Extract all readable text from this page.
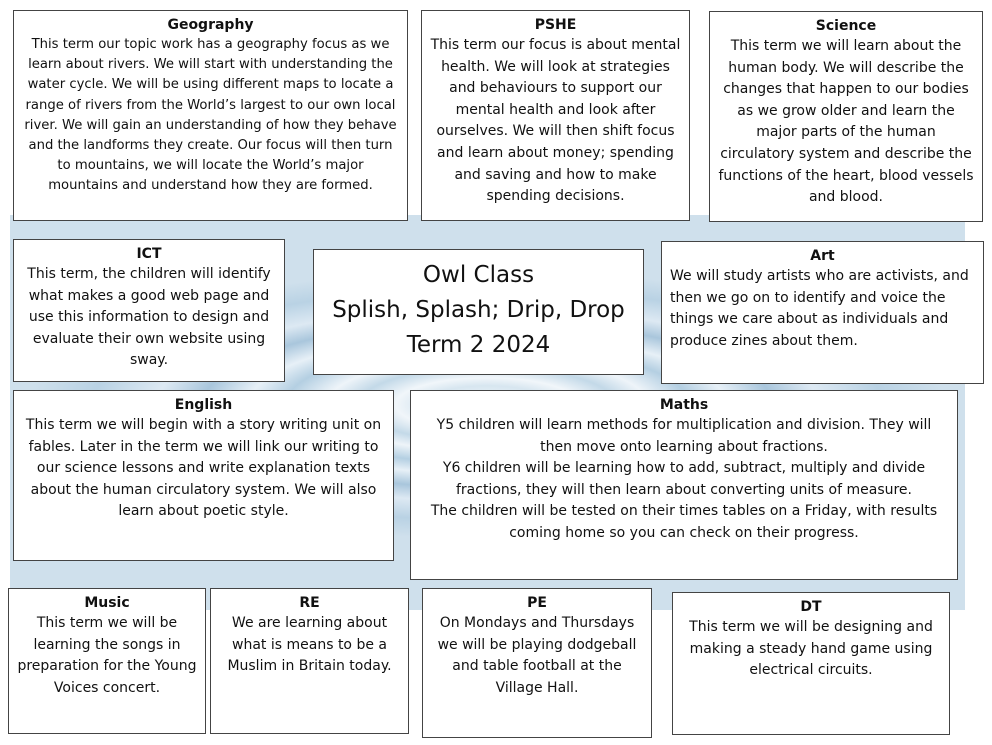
Geography

This term our topic work has a geography focus as we learn about rivers. We will start with understanding the water cycle. We will be using different maps to locate a range of rivers from the World’s largest to our own local river. We will gain an understanding of how they behave and the landforms they create. Our focus will then turn to mountains, we will locate the World’s major mountains and understand how they are formed.

PSHE

This term our focus is about mental health. We will look at strategies and behaviours to support our mental health and look after ourselves. We will then shift focus and learn about money; spending and saving and how to make spending decisions.

Science

This term we will learn about the human body. We will describe the changes that happen to our bodies as we grow older and learn the major parts of the human circulatory system and describe the functions of the heart, blood vessels and blood.

ICT

This term, the children will identify what makes a good web page and use this information to design and evaluate their own website using sway.

Owl Class
Splish, Splash; Drip, Drop
Term 2 2024
Art

We will study artists who are activists, and then we go on to identify and voice the things we care about as individuals and produce zines about them.

English

This term we will begin with a story writing unit on fables. Later in the term we will link our writing to our science lessons and write explanation texts about the human circulatory system. We will also learn about poetic style.

Maths

Y5 children will learn methods for multiplication and division. They will then move onto learning about fractions.

Y6 children will be learning how to add, subtract, multiply and divide fractions, they will then learn about converting units of measure.

The children will be tested on their times tables on a Friday, with results coming home so you can check on their progress.

Music

This term we will be learning the songs in preparation for the Young Voices concert.

RE

We are learning about what is means to be a Muslim in Britain today.

PE

On Mondays and Thursdays we will be playing dodgeball and table football at the Village Hall.

DT

This term we will be designing and making a steady hand game using electrical circuits.
